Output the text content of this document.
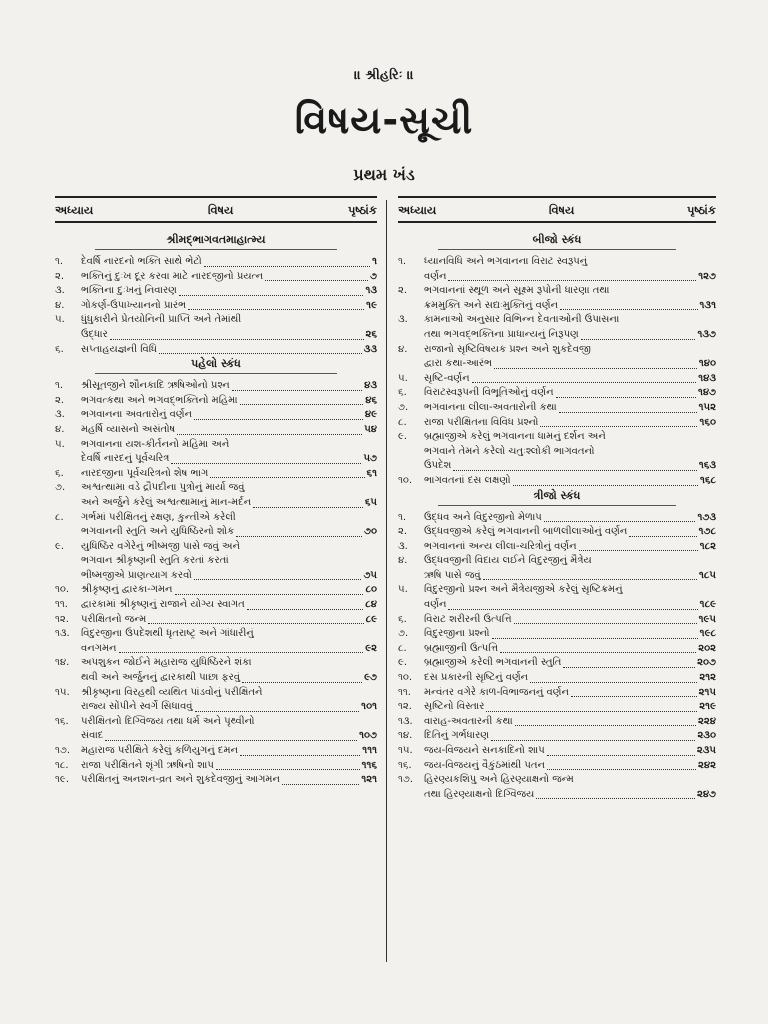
॥ શ્રીહરિઃ ॥
વિષય-સૂચી
પ્રથમ ખંડ
અધ્યાય	વિષય	પૃષ્ઠાંક
શ્રીમદ્ભાગવતમાહાત્મ્ય
૧.	દેવર્ષિ નારદનો ભક્તિ સાથે ભેટો	૧
૨.	ભક્તિનું દુઃખ દૂર કરવા માટે નારદજીનો પ્રયત્ન	૭
૩.	ભક્તિના દુઃખનું નિવારણ	૧૩
૪.	ગોકર્ણ-ઉપાખ્યાનનો પ્રારંભ	૧૯
૫.	ધુંધુકારીને પ્રેતયોનિની પ્રાપ્તિ અને તેમાંથી
ઉદ્ધાર	૨૬
૬.	સપ્તાહયજ્ઞની વિધિ	૩૩
પહેલો સ્કંધ
૧.	શ્રીસૂતજીને શૌનકાદિ ઋષિઓનો પ્રશ્ન	૪૩
૨.	ભગવત્કથા અને ભગવદ્ભક્તિનો મહિમા	૪૬
૩.	ભગવાનના અવતારોનું વર્ણન	૪૯
૪.	મહર્ષિ વ્યાસનો અસંતોષ	૫૪
૫.	ભગવાનના યશ-કીર્તનનો મહિમા અને
દેવર્ષિ નારદનું પૂર્વચરિત્ર	૫૭
૬.	નારદજીના પૂર્વચરિત્રનો શેષ ભાગ	૬૧
૭.	અશ્વત્થામા વડે દ્રૌપદીના પુત્રોનું માર્યા જવું
અને અર્જુને કરેલું અશ્વત્થામાનું માન-મર્દન	૬૫
૮.	ગર્ભમાં પરીક્ષિતનું રક્ષણ, કુન્તીએ કરેલી
ભગવાનની સ્તુતિ અને યુધિષ્ઠિરનો શોક	૭૦
૯.	યુધિષ્ઠિર વગેરેનું ભીષ્મજી પાસે જવું અને
ભગવાન શ્રીકૃષ્ણની સ્તુતિ કરતાં કરતાં
ભીષ્મજીએ પ્રાણત્યાગ કરવો	૭૫
૧૦.	શ્રીકૃષ્ણનું દ્વારકા-ગમન	૮૦
૧૧.	દ્વારકામાં શ્રીકૃષ્ણનું રાજાને યોગ્ય સ્વાગત	૮૪
૧૨.	પરીક્ષિતનો જન્મ	૮૯
૧૩.	વિદુરજીના ઉપદેશથી ધૃતરાષ્ટ્ર અને ગાંધારીનું
વનગમન	૯૨
૧૪.	અપશુકન જોઈને મહારાજ યુધિષ્ઠિરને શંકા
થવી અને અર્જુનનું દ્વારકાથી પાછા ફરવું	૯૭
૧૫.	શ્રીકૃષ્ણના વિરહથી વ્યથિત પાંડવોનું પરીક્ષિતને
રાજ્ય સોંપીને સ્વર્ગે સિધાવવું	૧૦૧
૧૬.	પરીક્ષિતનો દિગ્વિજય તથા ધર્મ અને પૃથ્વીનો
સંવાદ	૧૦૭
૧૭.	મહારાજ પરીક્ષિતે કરેલું કળિયુગનું દમન	૧૧૧
૧૮.	રાજા પરીક્ષિતને શૃંગી ઋષિનો શાપ	૧૧૬
૧૯.	પરીક્ષિતનું અનશન-વ્રત અને શુકદેવજીનું આગમન	૧૨૧
અધ્યાય	વિષય	પૃષ્ઠાંક
બીજો સ્કંધ
૧.	ધ્યાનવિધિ અને ભગવાનના વિરાટ સ્વરૂપનું
વર્ણન	૧૨૭
૨.	ભગવાનનાં સ્થૂળ અને સૂક્ષ્મ રૂપોની ધારણા તથા
ક્રમમુક્તિ અને સદ્યઃમુક્તિનું વર્ણન	૧૩૧
૩.	કામનાઓ અનુસાર વિભિન્ન દેવતાઓની ઉપાસના
તથા ભગવદ્ભક્તિના પ્રાધાન્યનું નિરૂપણ	૧૩૭
૪.	રાજાનો સૃષ્ટિવિષયક પ્રશ્ન અને શુકદેવજી
દ્વારા કથા-આરંભ	૧૪૦
૫.	સૃષ્ટિ-વર્ણન	૧૪૩
૬.	વિરાટસ્વરૂપની વિભૂતિઓનું વર્ણન	૧૪૭
૭.	ભગવાનના લીલા-અવતારોની કથા	૧૫૨
૮.	રાજા પરીક્ષિતના વિવિધ પ્રશ્નો	૧૬૦
૯.	બ્રહ્માજીએ કરેલું ભગવાનના ધામનું દર્શન અને
ભગવાને તેમને કરેલો ચતુઃશ્લોકી ભાગવતનો
ઉપદેશ	૧૬૩
૧૦.	ભાગવતનાં દસ લક્ષણો	૧૬૮
ત્રીજો સ્કંધ
૧.	ઉદ્ધવ અને વિદુરજીનો મેળાપ	૧૭૩
૨.	ઉદ્ધવજીએ કરેલું ભગવાનની બાળલીલાઓનું વર્ણન	૧૭૮
૩.	ભગવાનનાં અન્ય લીલા-ચરિત્રોનું વર્ણન	૧૮૨
૪.	ઉદ્ધવજીની વિદાય લઈને વિદુરજીનું મૈત્રેય
ઋષિ પાસે જવું	૧૮૫
૫.	વિદુરજીનો પ્રશ્ન અને મૈત્રેયજીએ કરેલું સૃષ્ટિક્રમનું
વર્ણન	૧૮૯
૬.	વિરાટ શરીરની ઉત્પત્તિ	૧૯૫
૭.	વિદુરજીના પ્રશ્નો	૧૯૮
૮.	બ્રહ્માજીની ઉત્પત્તિ	૨૦૨
૯.	બ્રહ્માજીએ કરેલી ભગવાનની સ્તુતિ	૨૦૭
૧૦.	દસ પ્રકારની સૃષ્ટિનું વર્ણન	૨૧૨
૧૧.	મન્વંતર વગેરે કાળ-વિભાજનનું વર્ણન	૨૧૫
૧૨.	સૃષ્ટિનો વિસ્તાર	૨૧૯
૧૩.	વારાહ-અવતારની કથા	૨૨૪
૧૪.	દિતિનું ગર્ભધારણ	૨૩૦
૧૫.	જય-વિજયને સનકાદિનો શાપ	૨૩૫
૧૬.	જય-વિજયનું વૈકુંઠમાંથી પતન	૨૪૨
૧૭.	હિરણ્યકશિપુ અને હિરણ્યાક્ષનો જન્મ
તથા હિરણ્યાક્ષનો દિગ્વિજય	૨૪૭
